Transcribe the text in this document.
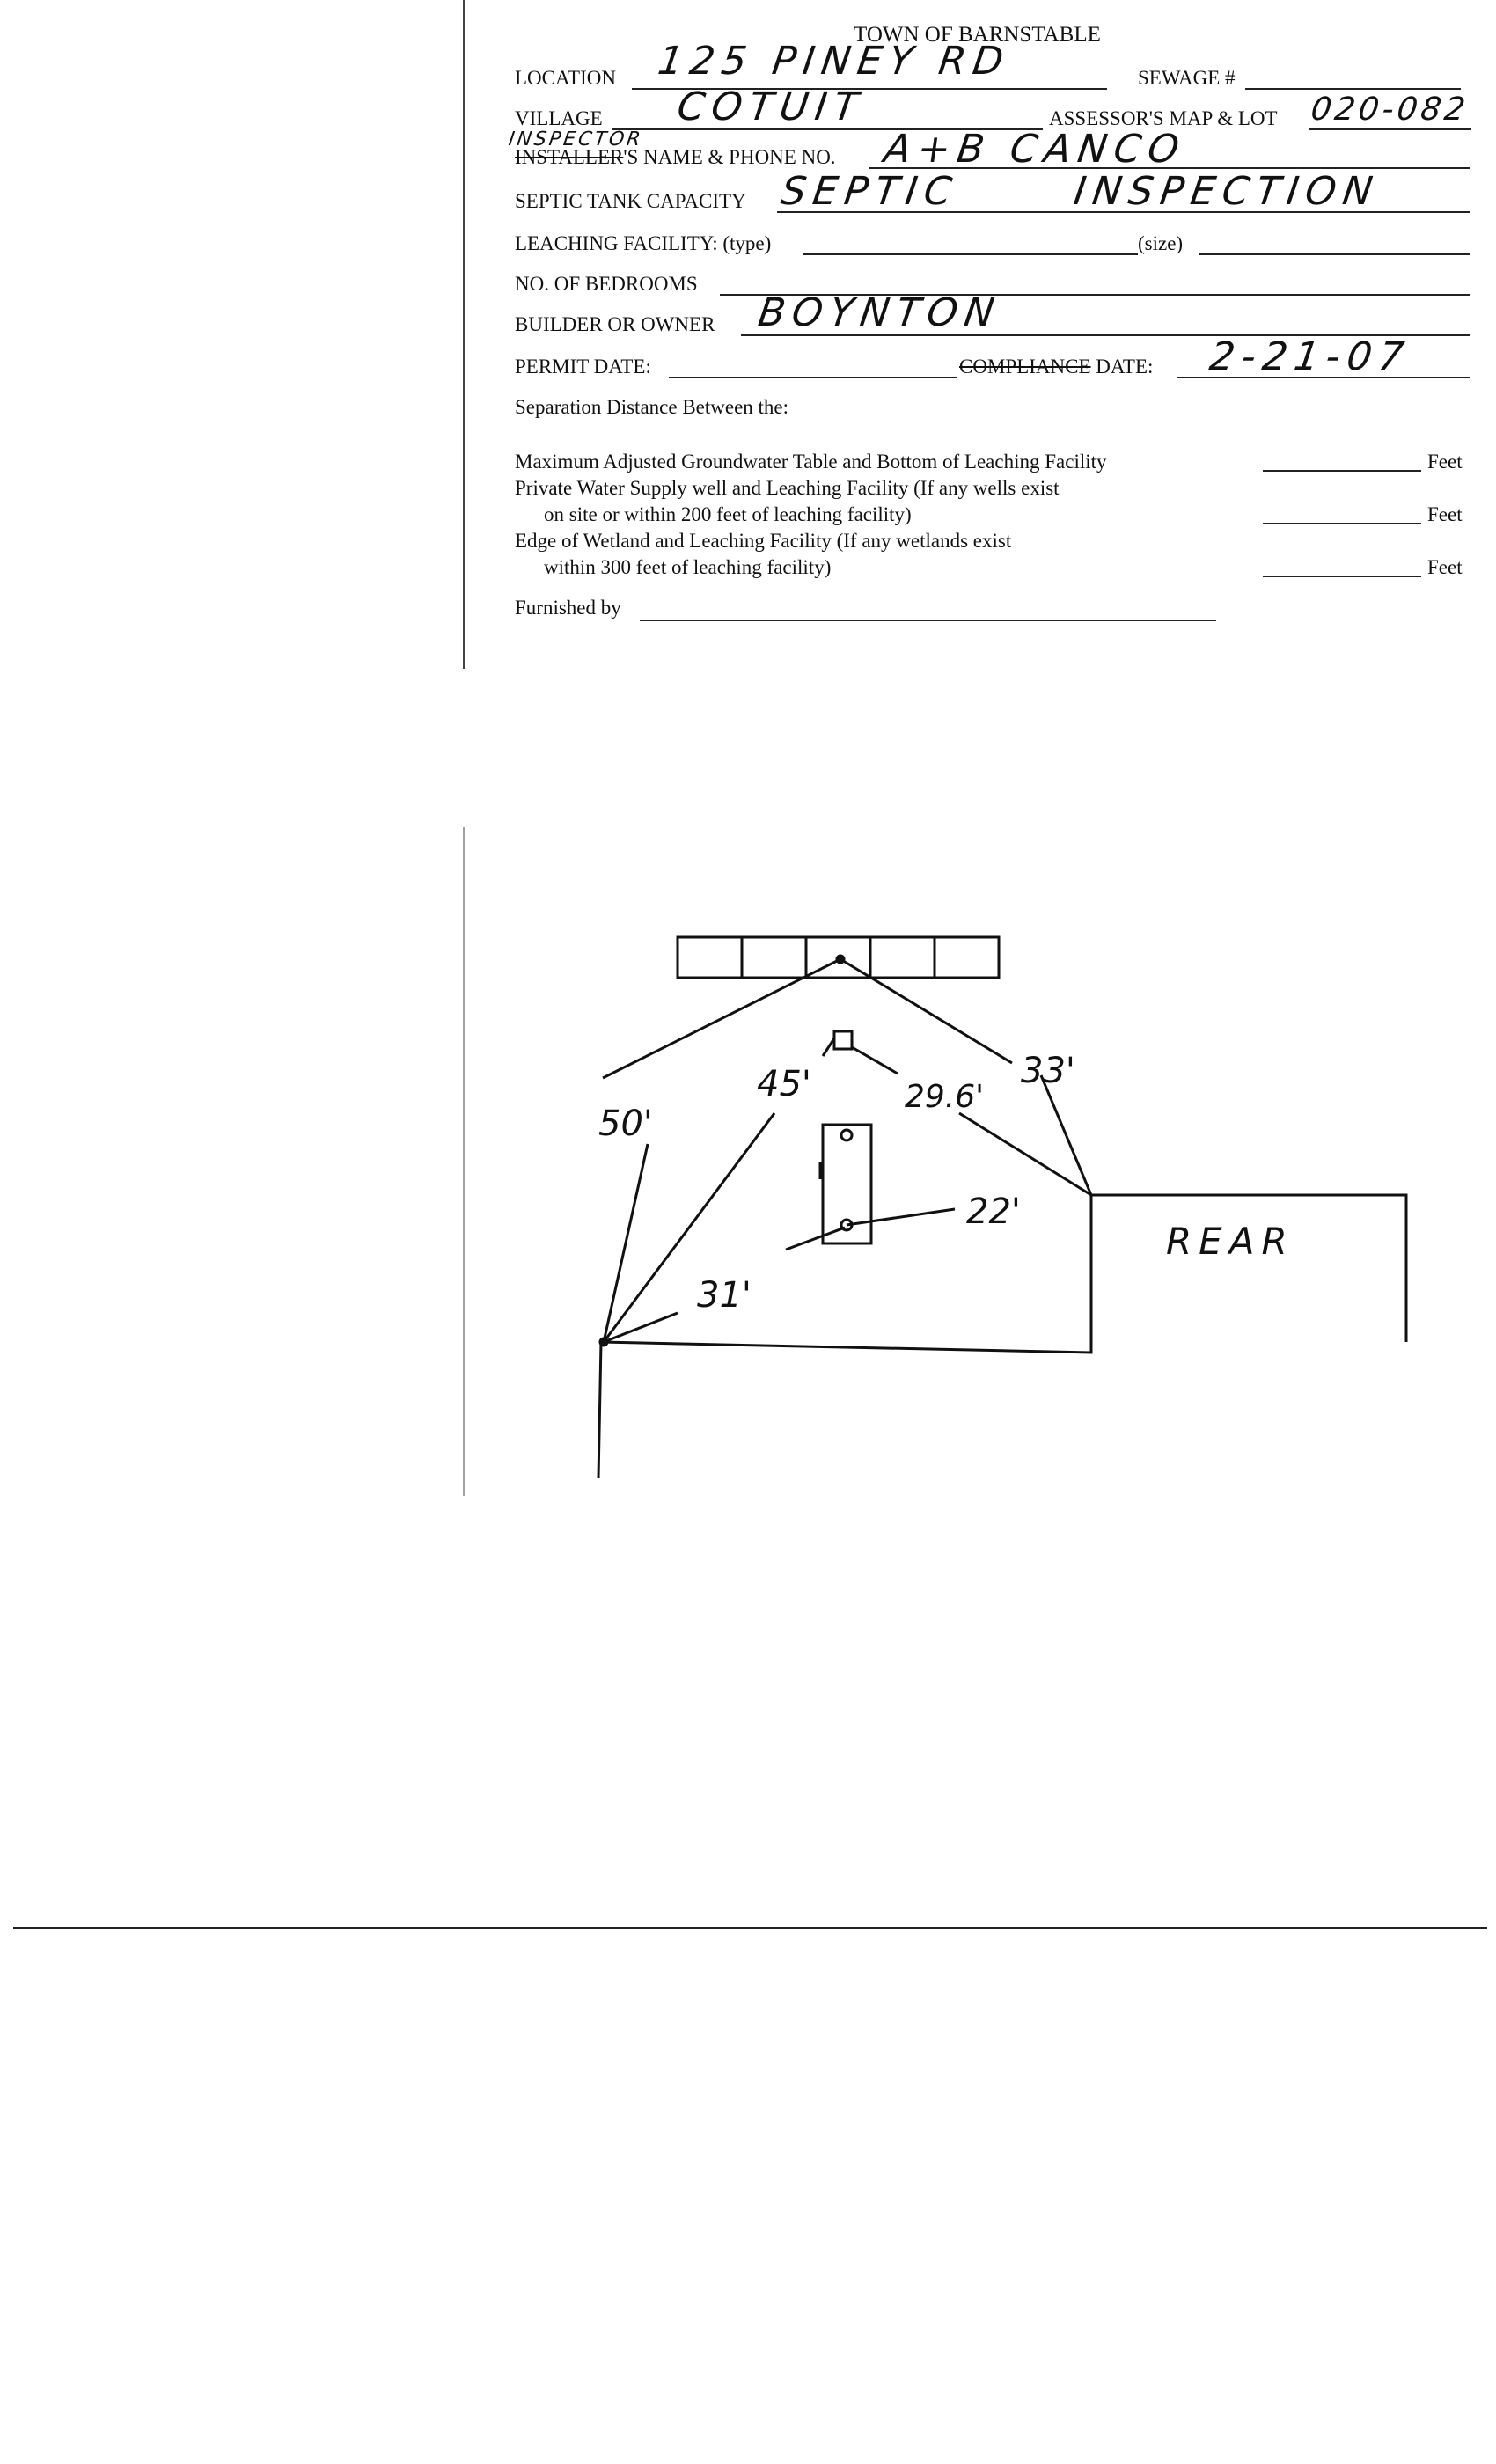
TOWN OF BARNSTABLE
LOCATION 125 PINEY RD	SEWAGE #
VILLAGE COTUIT	ASSESSOR'S MAP & LOT 020-082
INSPECTOR
INSTALLER'S NAME & PHONE NO. A+B CANCO
SEPTIC TANK CAPACITY SEPTIC INSPECTION
LEACHING FACILITY: (type)	(size)
NO. OF BEDROOMS
BUILDER OR OWNER BOYNTON
PERMIT DATE:	COMPLIANCE DATE: 2-21-07
Separation Distance Between the:
Maximum Adjusted Groundwater Table and Bottom of Leaching Facility	Feet
Private Water Supply well and Leaching Facility (If any wells exist
on site or within 200 feet of leaching facility)	Feet
Edge of Wetland and Leaching Facility (If any wetlands exist
within 300 feet of leaching facility)	Feet
Furnished by
50'
45'	29.6'
33'
22'
31'
REAR
